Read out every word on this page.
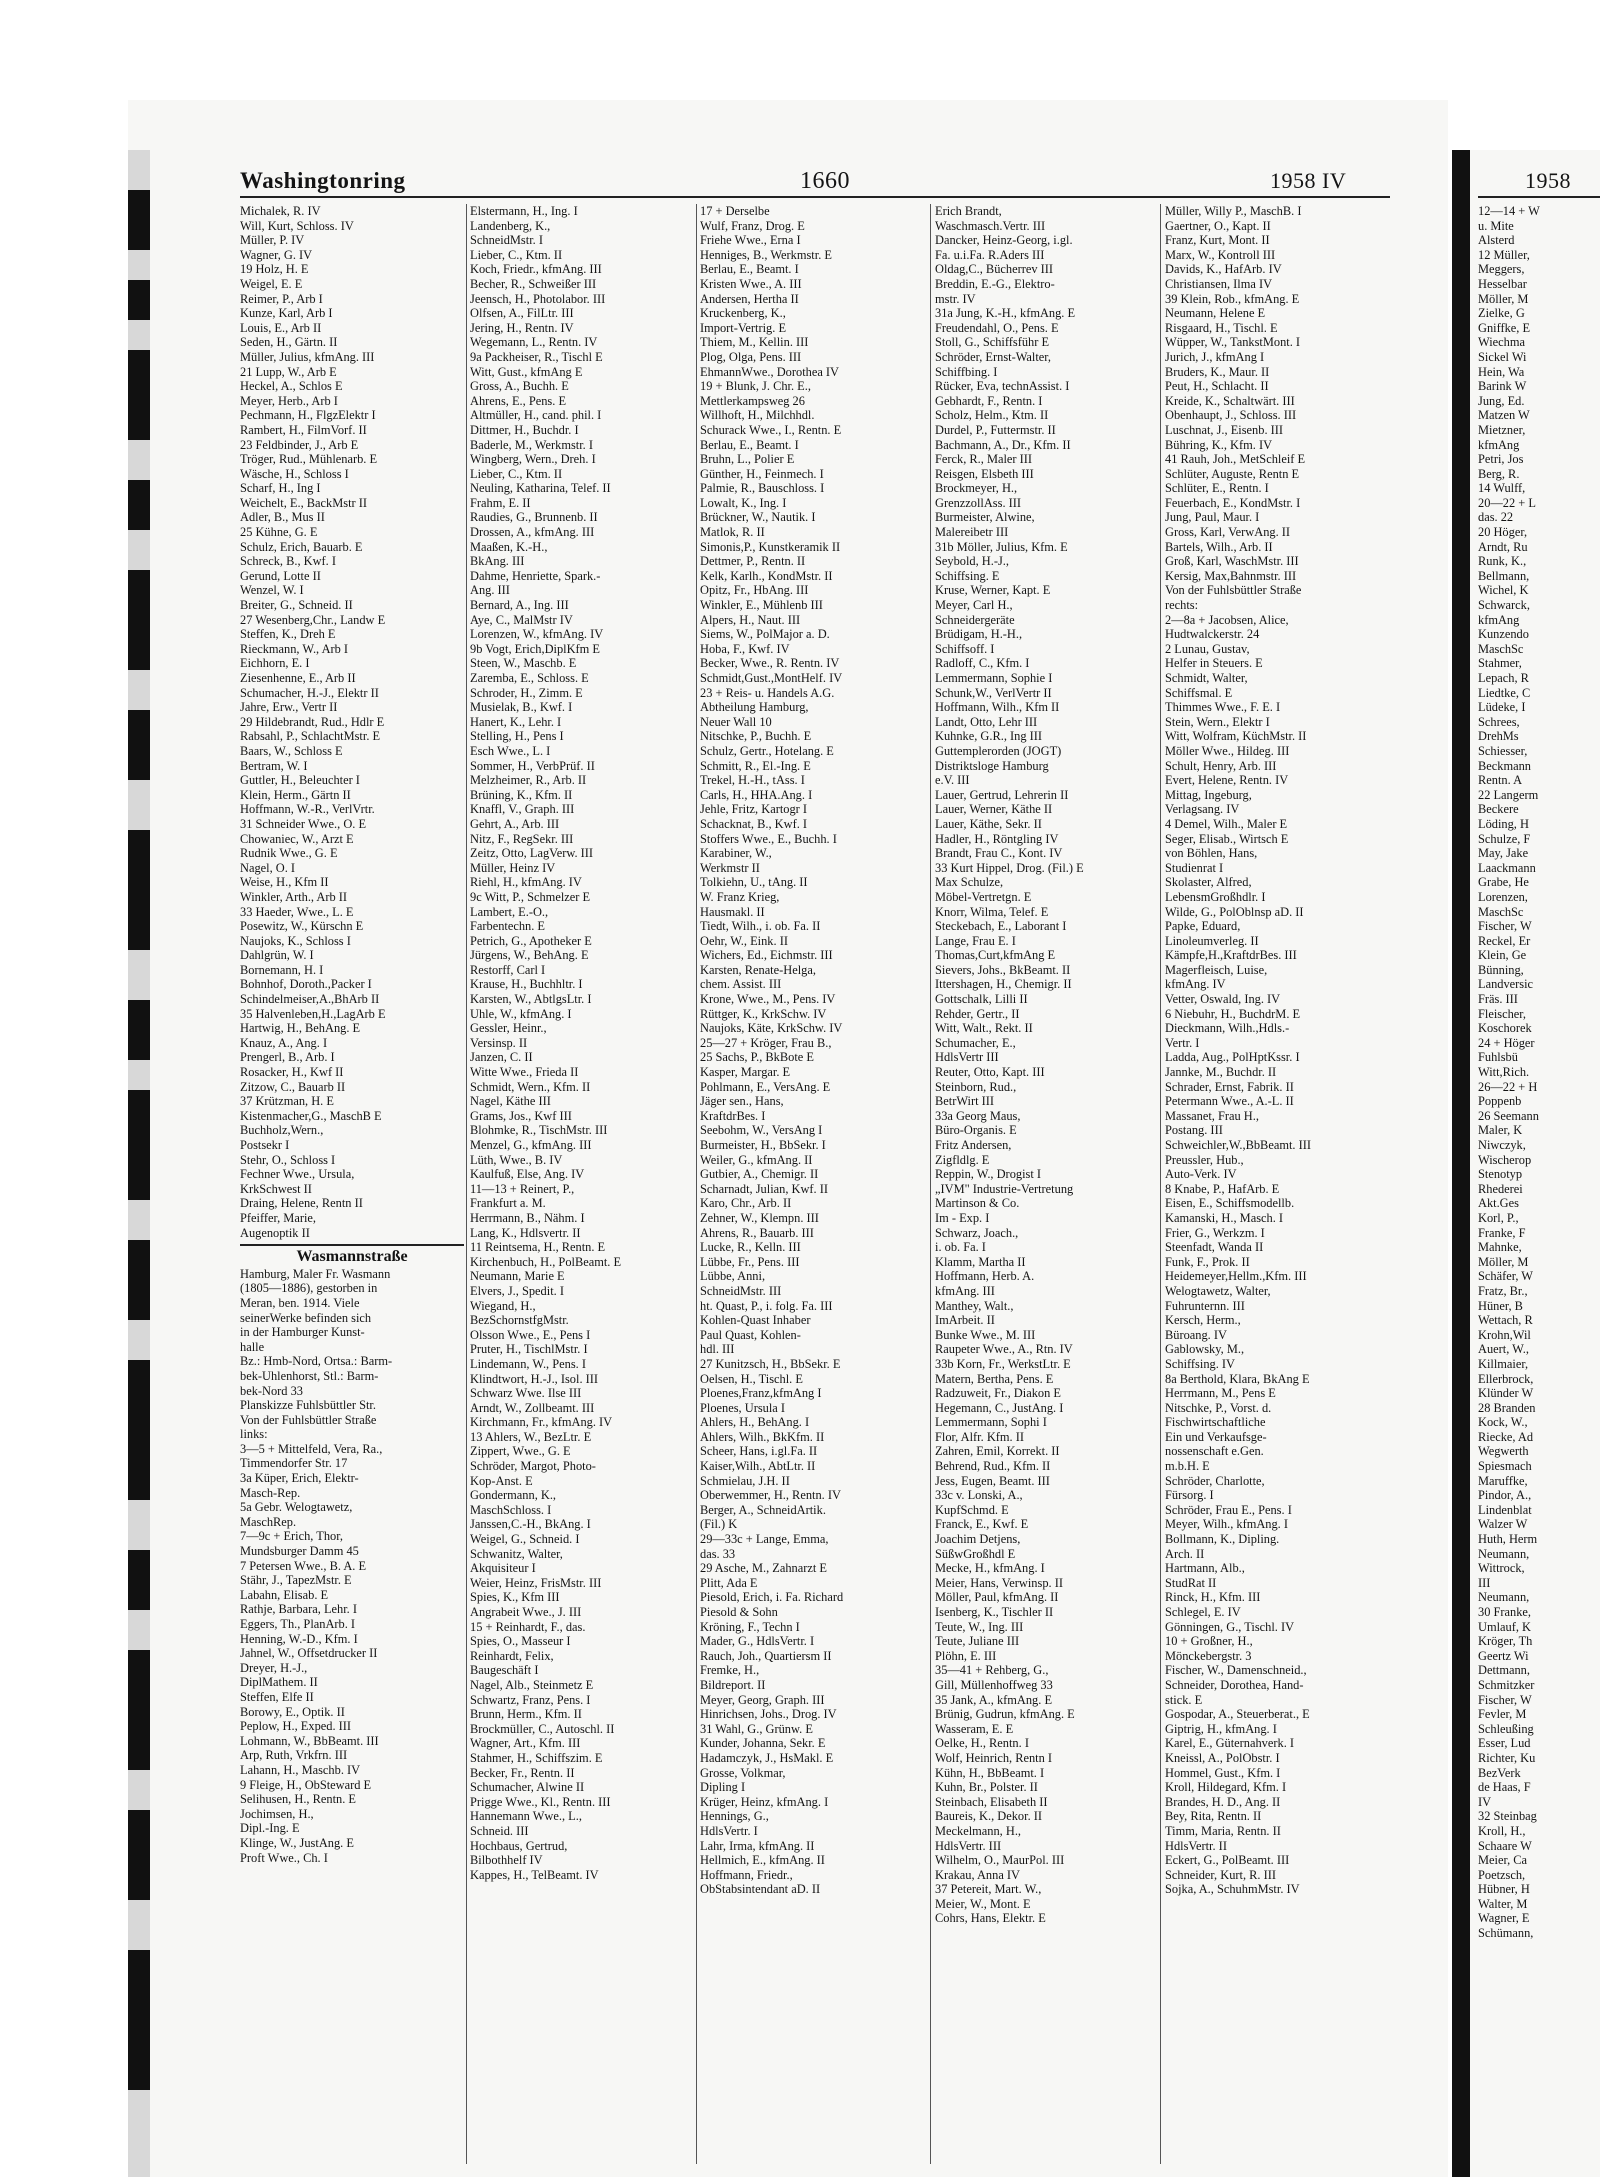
Washingtonring	1660	1958 IV	1958
Michalek, R. IV
Will, Kurt, Schloss. IV
Müller, P. IV
Wagner, G. IV
19 Holz, H. E
Weigel, E. E
Reimer, P., Arb I
Kunze, Karl, Arb I
Louis, E., Arb II
Seden, H., Gärtn. II
Müller, Julius, kfmAng. III
21 Lupp, W., Arb E
Heckel, A., Schlos E
Meyer, Herb., Arb I
Pechmann, H., FlgzElektr I
Rambert, H., FilmVorf. II
23 Feldbinder, J., Arb E
Tröger, Rud., Mühlenarb. E
Wäsche, H., Schloss I
Scharf, H., Ing I
Weichelt, E., BackMstr II
Adler, B., Mus II
25 Kühne, G. E
Schulz, Erich, Bauarb. E
Schreck, B., Kwf. I
Gerund, Lotte II
Wenzel, W. I
Breiter, G., Schneid. II
27 Wesenberg,Chr., Landw E
Steffen, K., Dreh E
Rieckmann, W., Arb I
Eichhorn, E. I
Ziesenhenne, E., Arb II
Schumacher, H.-J., Elektr II
Jahre, Erw., Vertr II
29 Hildebrandt, Rud., Hdlr E
Rabsahl, P., SchlachtMstr. E
Baars, W., Schloss E
Bertram, W. I
Guttler, H., Beleuchter I
Klein, Herm., Gärtn II
Hoffmann, W.-R., VerlVrtr.
31 Schneider Wwe., O. E
Chowaniec, W., Arzt E
Rudnik Wwe., G. E
Nagel, O. I
Weise, H., Kfm II
Winkler, Arth., Arb II
33 Haeder, Wwe., L. E
Posewitz, W., Kürschn E
Naujoks, K., Schloss I
Dahlgrün, W. I
Bornemann, H. I
Bohnhof, Doroth.,Packer I
Schindelmeiser,A.,BhArb II
35 Halvenleben,H.,LagArb E
Hartwig, H., BehAng. E
Knauz, A., Ang. I
Prengerl, B., Arb. I
Rosacker, H., Kwf II
Zitzow, C., Bauarb II
37 Krützman, H. E
Kistenmacher,G., MaschB E
Buchholz,Wern.,
Postsekr I
Stehr, O., Schloss I
Fechner Wwe., Ursula,
KrkSchwest II
Draing, Helene, Rentn II
Pfeiffer, Marie,
Augenoptik II
Wasmannstraße
Hamburg, Maler Fr. Wasmann
(1805—1886), gestorben in
Meran, ben. 1914. Viele
seinerWerke befinden sich
in der Hamburger Kunst-
halle
Bz.: Hmb-Nord, Ortsa.: Barm-
bek-Uhlenhorst, Stl.: Barm-
bek-Nord 33
Planskizze Fuhlsbüttler Str.
Von der Fuhlsbüttler Straße
links:
3—5 + Mittelfeld, Vera, Ra.,
Timmendorfer Str. 17
3a Küper, Erich, Elektr-
Masch-Rep.
5a Gebr. Welogtawetz,
MaschRep.
7—9c + Erich, Thor,
Mundsburger Damm 45
7 Petersen Wwe., B. A. E
Stähr, J., TapezMstr. E
Labahn, Elisab. E
Rathje, Barbara, Lehr. I
Eggers, Th., PlanArb. I
Henning, W.-D., Kfm. I
Jahnel, W., Offsetdrucker II
Dreyer, H.-J.,
DiplMathem. II
Steffen, Elfe II
Borowy, E., Optik. II
Peplow, H., Exped. III
Lohmann, W., BbBeamt. III
Arp, Ruth, Vrkfrn. III
Lahann, H., Maschb. IV
9 Fleige, H., ObSteward E
Selihusen, H., Rentn. E
Jochimsen, H.,
Dipl.-Ing. E
Klinge, W., JustAng. E
Proft Wwe., Ch. I
Elstermann, H., Ing. I
Landenberg, K.,
SchneidMstr. I
Lieber, C., Ktm. II
Koch, Friedr., kfmAng. III
Becher, R., Schweißer III
Jeensch, H., Photolabor. III
Olfsen, A., FilLtr. III
Jering, H., Rentn. IV
Wegemann, L., Rentn. IV
9a Packheiser, R., Tischl E
Witt, Gust., kfmAng E
Gross, A., Buchh. E
Ahrens, E., Pens. E
Altmüller, H., cand. phil. I
Dittmer, H., Buchdr. I
Baderle, M., Werkmstr. I
Wingberg, Wern., Dreh. I
Lieber, C., Ktm. II
Neuling, Katharina, Telef. II
Frahm, E. II
Raudies, G., Brunnenb. II
Drossen, A., kfmAng. III
Maaßen, K.-H.,
BkAng. III
Dahme, Henriette, Spark.-
Ang. III
Bernard, A., Ing. III
Aye, C., MalMstr IV
Lorenzen, W., kfmAng. IV
9b Vogt, Erich,DiplKfm E
Steen, W., Maschb. E
Zaremba, E., Schloss. E
Schroder, H., Zimm. E
Musielak, B., Kwf. I
Hanert, K., Lehr. I
Stelling, H., Pens I
Esch Wwe., L. I
Sommer, H., VerbPrüf. II
Melzheimer, R., Arb. II
Brüning, K., Kfm. II
Knaffl, V., Graph. III
Gehrt, A., Arb. III
Nitz, F., RegSekr. III
Zeitz, Otto, LagVerw. III
Müller, Heinz IV
Riehl, H., kfmAng. IV
9c Witt, P., Schmelzer E
Lambert, E.-O.,
Farbentechn. E
Petrich, G., Apotheker E
Jürgens, W., BehAng. E
Restorff, Carl I
Krause, H., Buchhltr. I
Karsten, W., AbtlgsLtr. I
Uhle, W., kfmAng. I
Gessler, Heinr.,
Versinsp. II
Janzen, C. II
Witte Wwe., Frieda II
Schmidt, Wern., Kfm. II
Nagel, Käthe III
Grams, Jos., Kwf III
Blohmke, R., TischMstr. III
Menzel, G., kfmAng. III
Lüth, Wwe., B. IV
Kaulfuß, Else, Ang. IV
11—13 + Reinert, P.,
Frankfurt a. M.
Herrmann, B., Nähm. I
Lang, K., Hdlsvertr. II
11 Reintsema, H., Rentn. E
Kirchenbuch, H., PolBeamt. E
Neumann, Marie E
Elvers, J., Spedit. I
Wiegand, H.,
BezSchornstfgMstr.
Olsson Wwe., E., Pens I
Pruter, H., TischlMstr. I
Lindemann, W., Pens. I
Klindtwort, H.-J., Isol. III
Schwarz Wwe. Ilse III
Arndt, W., Zollbeamt. III
Kirchmann, Fr., kfmAng. IV
13 Ahlers, W., BezLtr. E
Zippert, Wwe., G. E
Schröder, Margot, Photo-
Kop-Anst. E
Gondermann, K.,
MaschSchloss. I
Janssen,C.-H., BkAng. I
Weigel, G., Schneid. I
Schwanitz, Walter,
Akquisiteur I
Weier, Heinz, FrisMstr. III
Spies, K., Kfm III
Angrabeit Wwe., J. III
15 + Reinhardt, F., das.
Spies, O., Masseur I
Reinhardt, Felix,
Baugeschäft I
Nagel, Alb., Steinmetz E
Schwartz, Franz, Pens. I
Brunn, Herm., Kfm. II
Brockmüller, C., Autoschl. II
Wagner, Art., Kfm. III
Stahmer, H., Schiffszim. E
Becker, Fr., Rentn. II
Schumacher, Alwine II
Prigge Wwe., Kl., Rentn. III
Hannemann Wwe., L.,
Schneid. III
Hochbaus, Gertrud,
Bilbothhelf IV
Kappes, H., TelBeamt. IV
17 + Derselbe
Wulf, Franz, Drog. E
Friehe Wwe., Erna I
Henniges, B., Werkmstr. E
Berlau, E., Beamt. I
Kristen Wwe., A. III
Andersen, Hertha II
Kruckenberg, K.,
Import-Vertrig. E
Thiem, M., Kellin. III
Plog, Olga, Pens. III
EhmannWwe., Dorothea IV
19 + Blunk, J. Chr. E.,
Mettlerkampsweg 26
Willhoft, H., Milchhdl.
Schurack Wwe., I., Rentn. E
Berlau, E., Beamt. I
Bruhn, L., Polier E
Günther, H., Feinmech. I
Palmie, R., Bauschloss. I
Lowalt, K., Ing. I
Brückner, W., Nautik. I
Matlok, R. II
Simonis,P., Kunstkeramik II
Dettmer, P., Rentn. II
Kelk, Karlh., KondMstr. II
Opitz, Fr., HbAng. III
Winkler, E., Mühlenb III
Alpers, H., Naut. III
Siems, W., PolMajor a. D.
Hoba, F., Kwf. IV
Becker, Wwe., R. Rentn. IV
Schmidt,Gust.,MontHelf. IV
23 + Reis- u. Handels A.G.
Abtheilung Hamburg,
Neuer Wall 10
Nitschke, P., Buchh. E
Schulz, Gertr., Hotelang. E
Schmitt, R., El.-Ing. E
Trekel, H.-H., tAss. I
Carls, H., HHA.Ang. I
Jehle, Fritz, Kartogr I
Schacknat, B., Kwf. I
Stoffers Wwe., E., Buchh. I
Karabiner, W.,
Werkmstr II
Tolkiehn, U., tAng. II
W. Franz Krieg,
Hausmakl. II
Tiedt, Wilh., i. ob. Fa. II
Oehr, W., Eink. II
Wichers, Ed., Eichmstr. III
Karsten, Renate-Helga,
chem. Assist. III
Krone, Wwe., M., Pens. IV
Rüttger, K., KrkSchw. IV
Naujoks, Käte, KrkSchw. IV
25—27 + Kröger, Frau B.,
25 Sachs, P., BkBote E
Kasper, Margar. E
Pohlmann, E., VersAng. E
Jäger sen., Hans,
KraftdrBes. I
Seebohm, W., VersAng I
Burmeister, H., BbSekr. I
Weiler, G., kfmAng. II
Gutbier, A., Chemigr. II
Scharnadt, Julian, Kwf. II
Karo, Chr., Arb. II
Zehner, W., Klempn. III
Ahrens, R., Bauarb. III
Lucke, R., Kelln. III
Lübbe, Fr., Pens. III
Lübbe, Anni,
SchneidMstr. III
ht. Quast, P., i. folg. Fa. III
Kohlen-Quast Inhaber
Paul Quast, Kohlen-
hdl. III
27 Kunitzsch, H., BbSekr. E
Oelsen, H., Tischl. E
Ploenes,Franz,kfmAng I
Ploenes, Ursula I
Ahlers, H., BehAng. I
Ahlers, Wilh., BkKfm. II
Scheer, Hans, i.gl.Fa. II
Kaiser,Wilh., AbtLtr. II
Schmielau, J.H. II
Oberwemmer, H., Rentn. IV
Berger, A., SchneidArtik.
(Fil.) K
29—33c + Lange, Emma,
das. 33
29 Asche, M., Zahnarzt E
Plitt, Ada E
Piesold, Erich, i. Fa. Richard
Piesold & Sohn
Kröning, F., Techn I
Mader, G., HdlsVertr. I
Rauch, Joh., Quartiersm II
Fremke, H.,
Bildreport. II
Meyer, Georg, Graph. III
Hinrichsen, Johs., Drog. IV
31 Wahl, G., Grünw. E
Kunder, Johanna, Sekr. E
Hadamczyk, J., HsMakl. E
Grosse, Volkmar,
Dipling I
Krüger, Heinz, kfmAng. I
Hennings, G.,
HdlsVertr. I
Lahr, Irma, kfmAng. II
Hellmich, E., kfmAng. II
Hoffmann, Friedr.,
ObStabsintendant aD. II
Erich Brandt,
Waschmasch.Vertr. III
Dancker, Heinz-Georg, i.gl.
Fa. u.i.Fa. R.Aders III
Oldag,C., Bücherrev III
Breddin, E.-G., Elektro-
mstr. IV
31a Jung, K.-H., kfmAng. E
Freudendahl, O., Pens. E
Stoll, G., Schiffsführ E
Schröder, Ernst-Walter,
Schiffbing. I
Rücker, Eva, technAssist. I
Gebhardt, F., Rentn. I
Scholz, Helm., Ktm. II
Durdel, P., Futtermstr. II
Bachmann, A., Dr., Kfm. II
Ferck, R., Maler III
Reisgen, Elsbeth III
Brockmeyer, H.,
GrenzzollAss. III
Burmeister, Alwine,
Malereibetr III
31b Möller, Julius, Kfm. E
Seybold, H.-J.,
Schiffsing. E
Kruse, Werner, Kapt. E
Meyer, Carl H.,
Schneidergeräte
Brüdigam, H.-H.,
Schiffsoff. I
Radloff, C., Kfm. I
Lemmermann, Sophie I
Schunk,W., VerlVertr II
Hoffmann, Wilh., Kfm II
Landt, Otto, Lehr III
Kuhnke, G.R., Ing III
Guttemplerorden (JOGT)
Distriktsloge Hamburg
e.V. III
Lauer, Gertrud, Lehrerin II
Lauer, Werner, Käthe II
Lauer, Käthe, Sekr. II
Hadler, H., Röntgling IV
Brandt, Frau C., Kont. IV
33 Kurt Hippel, Drog. (Fil.) E
Max Schulze,
Möbel-Vertretgn. E
Knorr, Wilma, Telef. E
Steckebach, E., Laborant I
Lange, Frau E. I
Thomas,Curt,kfmAng E
Sievers, Johs., BkBeamt. II
Ittershagen, H., Chemigr. II
Gottschalk, Lilli II
Rehder, Gertr., II
Witt, Walt., Rekt. II
Schumacher, E.,
HdlsVertr III
Reuter, Otto, Kapt. III
Steinborn, Rud.,
BetrWirt III
33a Georg Maus,
Büro-Organis. E
Fritz Andersen,
Zigfldlg. E
Reppin, W., Drogist I
„IVM" Industrie-Vertretung
Martinson & Co.
Im - Exp. I
Schwarz, Joach.,
i. ob. Fa. I
Klamm, Martha II
Hoffmann, Herb. A.
kfmAng. III
Manthey, Walt.,
ImArbeit. II
Bunke Wwe., M. III
Raupeter Wwe., A., Rtn. IV
33b Korn, Fr., WerkstLtr. E
Matern, Bertha, Pens. E
Radzuweit, Fr., Diakon E
Hegemann, C., JustAng. I
Lemmermann, Sophi I
Flor, Alfr. Kfm. II
Zahren, Emil, Korrekt. II
Behrend, Rud., Kfm. II
Jess, Eugen, Beamt. III
33c v. Lonski, A.,
KupfSchmd. E
Franck, E., Kwf. E
Joachim Detjens,
SüßwGroßhdl E
Mecke, H., kfmAng. I
Meier, Hans, Verwinsp. II
Möller, Paul, kfmAng. II
Isenberg, K., Tischler II
Teute, W., Ing. III
Teute, Juliane III
Plöhn, E. III
35—41 + Rehberg, G.,
Gill, Müllenhoffweg 33
35 Jank, A., kfmAng. E
Brünig, Gudrun, kfmAng. E
Wasseram, E. E
Oelke, H., Rentn. I
Wolf, Heinrich, Rentn I
Kühn, H., BbBeamt. I
Kuhn, Br., Polster. II
Steinbach, Elisabeth II
Baureis, K., Dekor. II
Meckelmann, H.,
HdlsVertr. III
Wilhelm, O., MaurPol. III
Krakau, Anna IV
37 Petereit, Mart. W.,
Meier, W., Mont. E
Cohrs, Hans, Elektr. E
Müller, Willy P., MaschB. I
Gaertner, O., Kapt. II
Franz, Kurt, Mont. II
Marx, W., Kontroll III
Davids, K., HafArb. IV
Christiansen, Ilma IV
39 Klein, Rob., kfmAng. E
Neumann, Helene E
Risgaard, H., Tischl. E
Wüpper, W., TankstMont. I
Jurich, J., kfmAng I
Bruders, K., Maur. II
Peut, H., Schlacht. II
Kreide, K., Schaltwärt. III
Obenhaupt, J., Schloss. III
Luschnat, J., Eisenb. III
Bühring, K., Kfm. IV
41 Rauh, Joh., MetSchleif E
Schlüter, Auguste, Rentn E
Schlüter, E., Rentn. I
Feuerbach, E., KondMstr. I
Jung, Paul, Maur. I
Gross, Karl, VerwAng. II
Bartels, Wilh., Arb. II
Groß, Karl, WaschMstr. III
Kersig, Max,Bahnmstr. III
Von der Fuhlsbüttler Straße
rechts:
2—8a + Jacobsen, Alice,
Hudtwalckerstr. 24
2 Lunau, Gustav,
Helfer in Steuers. E
Schmidt, Walter,
Schiffsmal. E
Thimmes Wwe., F. E. I
Stein, Wern., Elektr I
Witt, Wolfram, KüchMstr. II
Möller Wwe., Hildeg. III
Schult, Henry, Arb. III
Evert, Helene, Rentn. IV
Mittag, Ingeburg,
Verlagsang. IV
4 Demel, Wilh., Maler E
Seger, Elisab., Wirtsch E
von Böhlen, Hans,
Studienrat I
Skolaster, Alfred,
LebensmGroßhdlr. I
Wilde, G., PolOblnsp aD. II
Papke, Eduard,
Linoleumverleg. II
Kämpfe,H.,KraftdrBes. III
Magerfleisch, Luise,
kfmAng. IV
Vetter, Oswald, Ing. IV
6 Niebuhr, H., BuchdrM. E
Dieckmann, Wilh.,Hdls.-
Vertr. I
Ladda, Aug., PolHptKssr. I
Jannke, M., Buchdr. II
Schrader, Ernst, Fabrik. II
Petermann Wwe., A.-L. II
Massanet, Frau H.,
Postang. III
Schweichler,W.,BbBeamt. III
Preussler, Hub.,
Auto-Verk. IV
8 Knabe, P., HafArb. E
Eisen, E., Schiffsmodellb.
Kamanski, H., Masch. I
Frier, G., Werkzm. I
Steenfadt, Wanda II
Funk, F., Prok. II
Heidemeyer,Hellm.,Kfm. III
Welogtawetz, Walter,
Fuhrunternn. III
Kersch, Herm.,
Büroang. IV
Gablowsky, M.,
Schiffsing. IV
8a Berthold, Klara, BkAng E
Herrmann, M., Pens E
Nitschke, P., Vorst. d.
Fischwirtschaftliche
Ein und Verkaufsge-
nossenschaft e.Gen.
m.b.H. E
Schröder, Charlotte,
Fürsorg. I
Schröder, Frau E., Pens. I
Meyer, Wilh., kfmAng. I
Bollmann, K., Dipling.
Arch. II
Hartmann, Alb.,
StudRat II
Rinck, H., Kfm. III
Schlegel, E. IV
Gönningen, G., Tischl. IV
10 + Großner, H.,
Mönckebergstr. 3
Fischer, W., Damenschneid.,
Schneider, Dorothea, Hand-
stick. E
Gospodar, A., Steuerberat., E
Giptrig, H., kfmAng. I
Karel, E., Güternahverk. I
Kneissl, A., PolObstr. I
Hommel, Gust., Kfm. I
Kroll, Hildegard, Kfm. I
Brandes, H. D., Ang. II
Bey, Rita, Rentn. II
Timm, Maria, Rentn. II
HdlsVertr. II
Eckert, G., PolBeamt. III
Schneider, Kurt, R. III
Sojka, A., SchuhmMstr. IV
12—14 + W
u. Mite
Alsterd
12 Müller,
Meggers,
Hesselbar
Möller, M
Zielke, G
Gniffke, E
Wiechma
Sickel Wi
Hein, Wa
Barink W
Jung, Ed.
Matzen W
Mietzner,
kfmAng
Petri, Jos
Berg, R.
14 Wulff,
20—22 + L
das. 22
20 Höger,
Arndt, Ru
Runk, K.,
Bellmann,
Wichel, K
Schwarck,
kfmAng
Kunzendo
MaschSc
Stahmer,
Lepach, R
Liedtke, C
Lüdeke, I
Schrees,
DrehMs
Schiesser,
Beckmann
Rentn. A
22 Langerm
Beckere
Löding, H
Schulze, F
May, Jake
Laackmann
Grabe, He
Lorenzen,
MaschSc
Fischer, W
Reckel, Er
Klein, Ge
Bünning,
Landversic
Fräs. III
Fleischer,
Koschorek
24 + Höger
Fuhlsbü
Witt,Rich.
26—22 + H
Poppenb
26 Seemann
Maler, K
Niwczyk,
Wischerop
Stenotyp
Rhederei
Akt.Ges
Korl, P.,
Franke, F
Mahnke,
Möller, M
Schäfer, W
Fratz, Br.,
Hüner, B
Wettach, R
Krohn,Wil
Auert, W.,
Killmaier,
Ellerbrock,
Klünder W
28 Branden
Kock, W.,
Riecke, Ad
Wegwerth
Spiesmach
Maruffke,
Pindor, A.,
Lindenblat
Walzer W
Huth, Herm
Neumann,
Wittrock,
III
Neumann,
30 Franke,
Umlauf, K
Kröger, Th
Geertz Wi
Dettmann,
Schmitzker
Fischer, W
Fevler, M
Schleußing
Esser, Lud
Richter, Ku
BezVerk
de Haas, F
IV
32 Steinbag
Kroll, H.,
Schaare W
Meier, Ca
Poetzsch,
Hübner, H
Walter, M
Wagner, E
Schümann,
